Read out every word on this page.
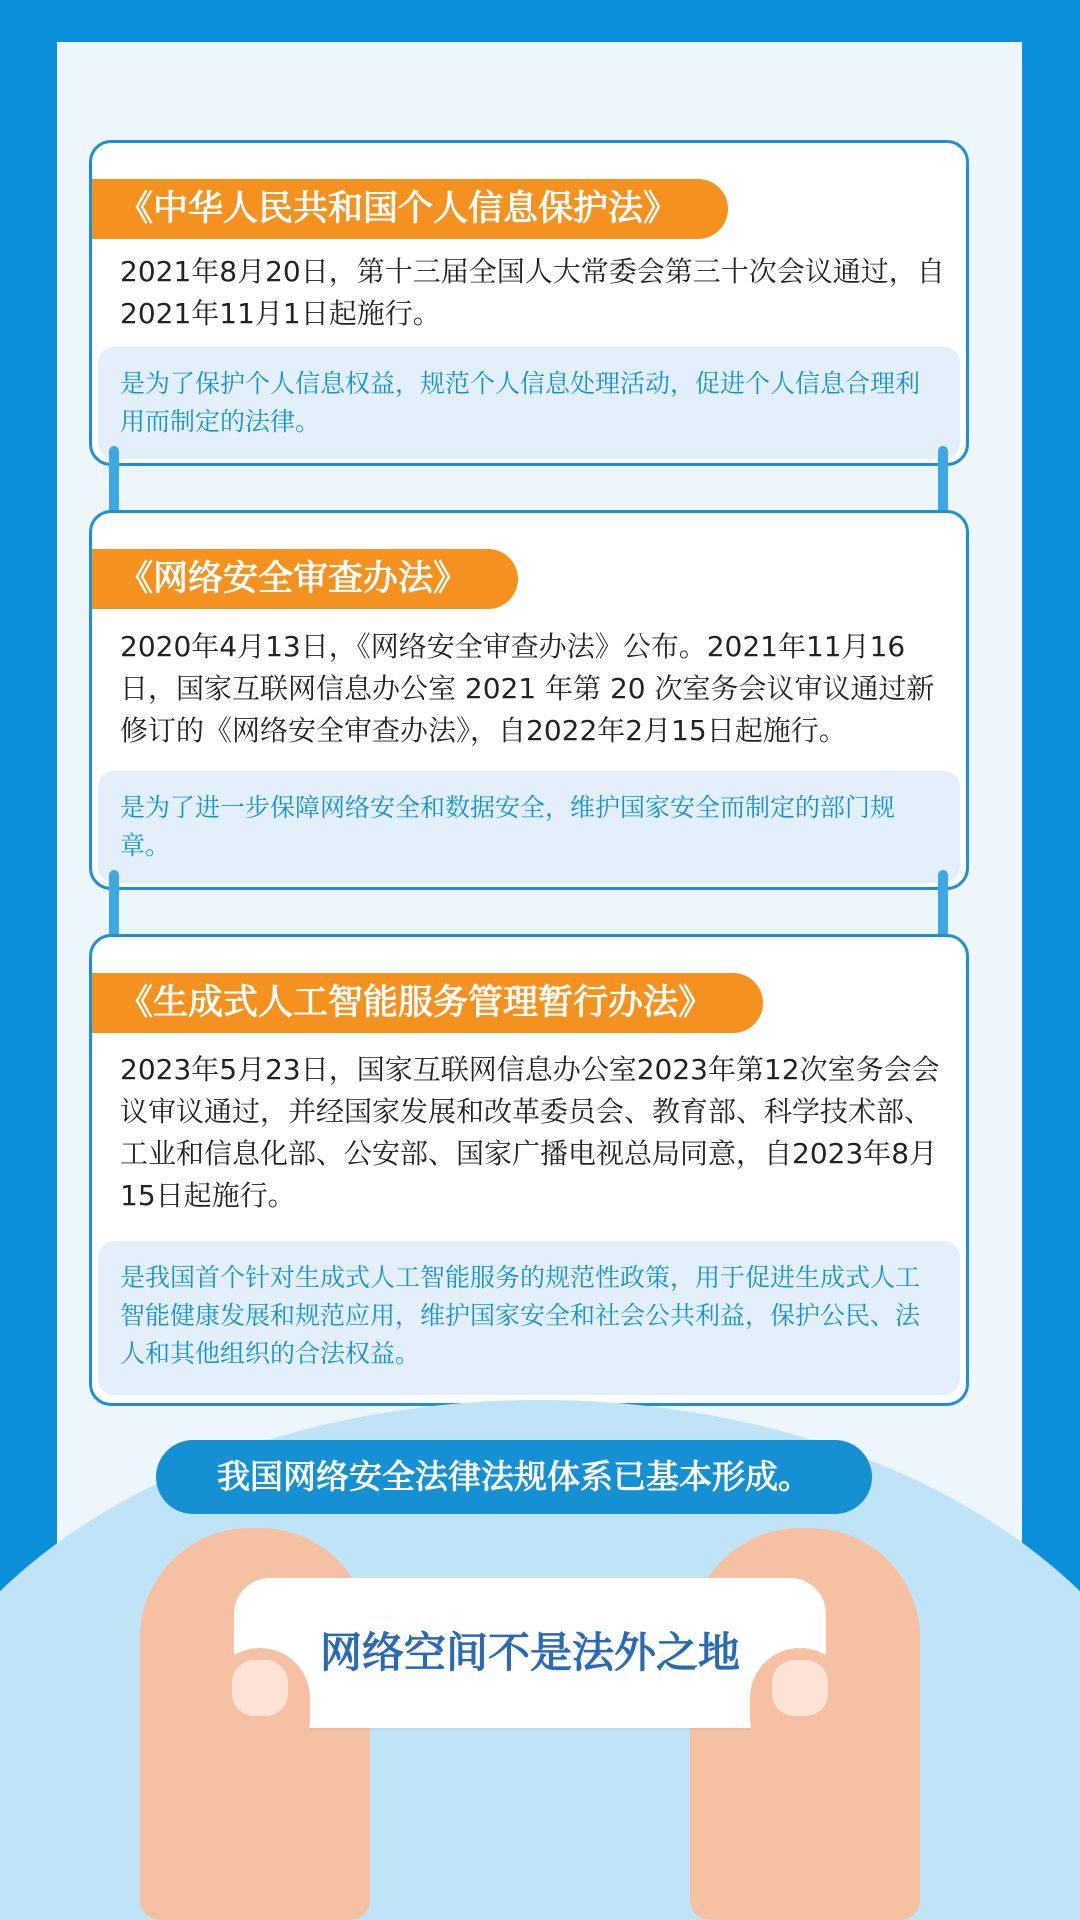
《中华人民共和国个人信息保护法》
2021年8月20日，第十三届全国人大常委会第三十次会议通过，自2021年11月1日起施行。
是为了保护个人信息权益，规范个人信息处理活动，促进个人信息合理利用而制定的法律。
《网络安全审查办法》
2020年4月13日，《网络安全审查办法》公布。2021年11月16日，国家互联网信息办公室 2021 年第 20 次室务会议审议通过新修订的《网络安全审查办法》，自2022年2月15日起施行。
是为了进一步保障网络安全和数据安全，维护国家安全而制定的部门规章。
《生成式人工智能服务管理暂行办法》
2023年5月23日，国家互联网信息办公室2023年第12次室务会会议审议通过，并经国家发展和改革委员会、教育部、科学技术部、工业和信息化部、公安部、国家广播电视总局同意，自2023年8月15日起施行。
是我国首个针对生成式人工智能服务的规范性政策，用于促进生成式人工智能健康发展和规范应用，维护国家安全和社会公共利益，保护公民、法人和其他组织的合法权益。
我国网络安全法律法规体系已基本形成。
网络空间不是法外之地
